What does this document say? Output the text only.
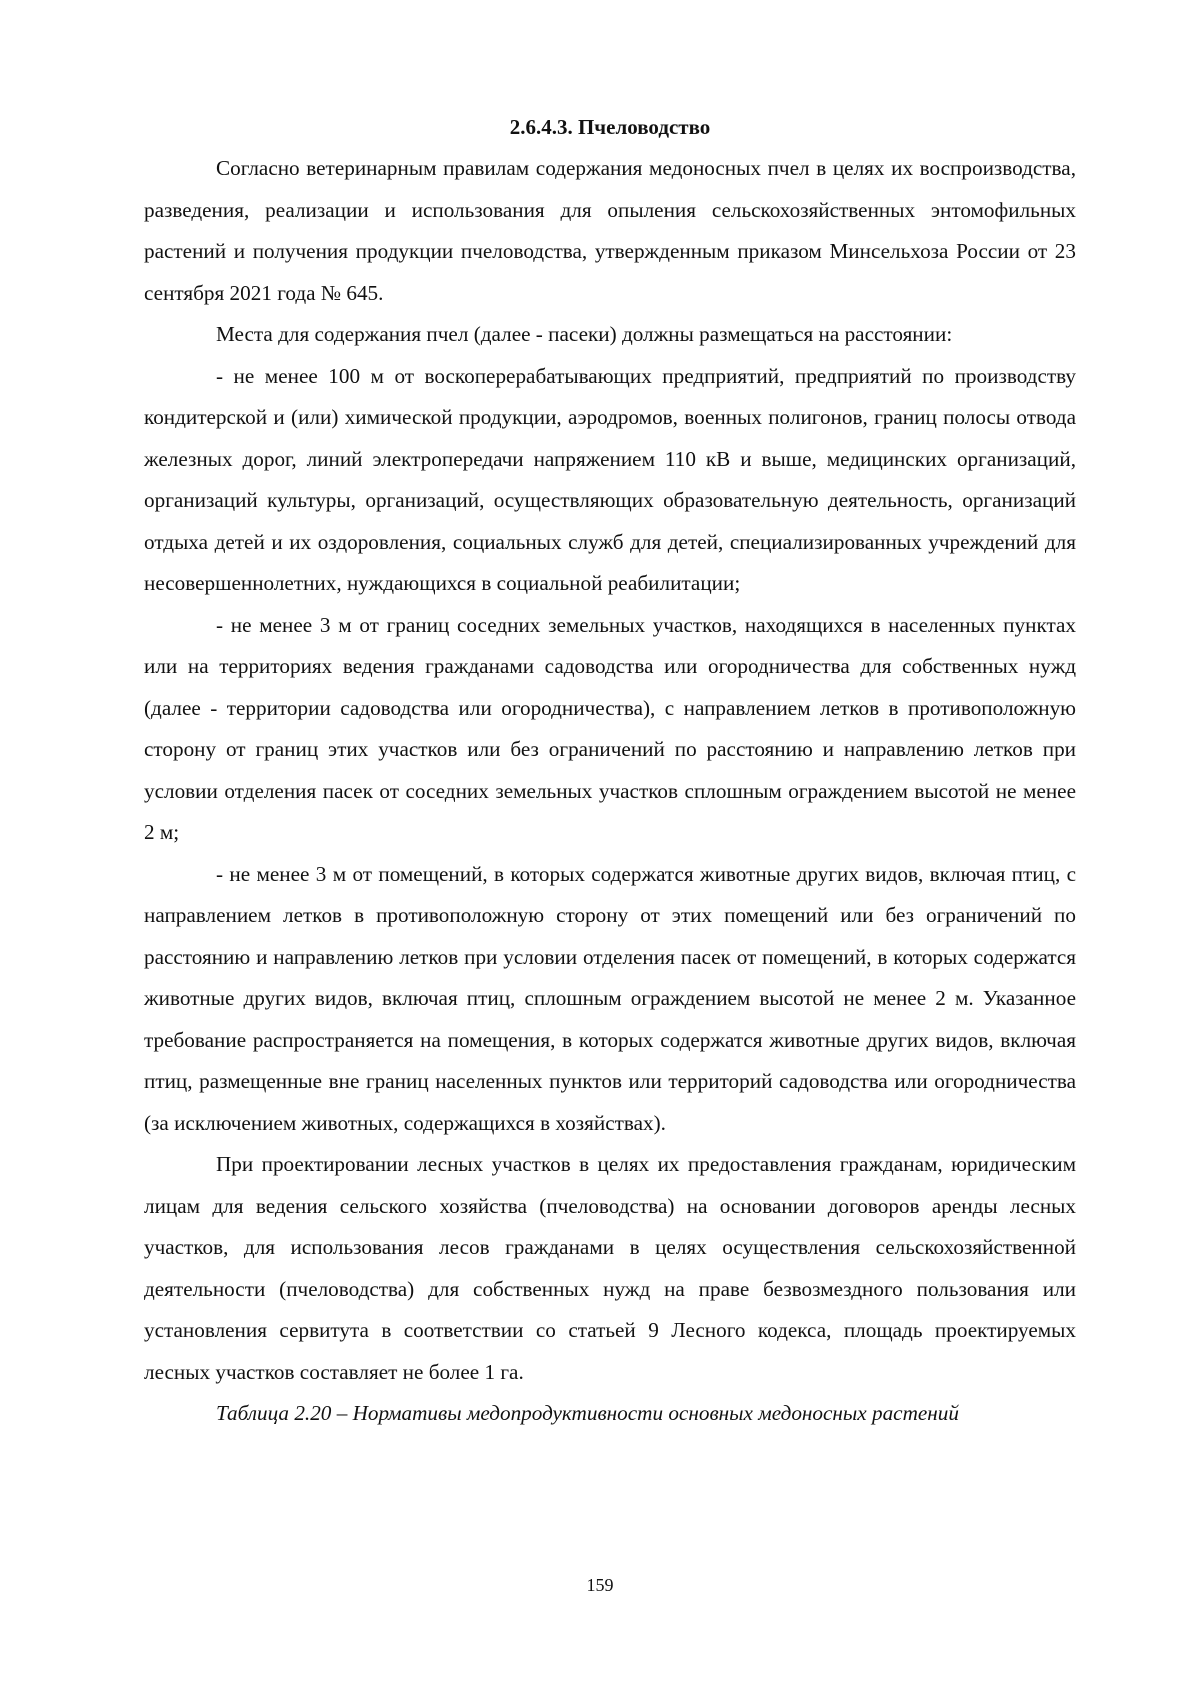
2.6.4.3. Пчеловодство

Согласно ветеринарным правилам содержания медоносных пчел в целях их воспроизводства, разведения, реализации и использования для опыления сельскохозяйственных энтомофильных растений и получения продукции пчеловодства, утвержденным приказом Минсельхоза России от 23 сентября 2021 года № 645.

Места для содержания пчел (далее - пасеки) должны размещаться на расстоянии:

- не менее 100 м от воскоперерабатывающих предприятий, предприятий по производству кондитерской и (или) химической продукции, аэродромов, военных полигонов, границ полосы отвода железных дорог, линий электропередачи напряжением 110 кВ и выше, медицинских организаций, организаций культуры, организаций, осуществляющих образовательную деятельность, организаций отдыха детей и их оздоровления, социальных служб для детей, специализированных учреждений для несовершеннолетних, нуждающихся в социальной реабилитации;

- не менее 3 м от границ соседних земельных участков, находящихся в населенных пунктах или на территориях ведения гражданами садоводства или огородничества для собственных нужд (далее - территории садоводства или огородничества), с направлением летков в противоположную сторону от границ этих участков или без ограничений по расстоянию и направлению летков при условии отделения пасек от соседних земельных участков сплошным ограждением высотой не менее 2 м;

- не менее 3 м от помещений, в которых содержатся животные других видов, включая птиц, с направлением летков в противоположную сторону от этих помещений или без ограничений по расстоянию и направлению летков при условии отделения пасек от помещений, в которых содержатся животные других видов, включая птиц, сплошным ограждением высотой не менее 2 м. Указанное требование распространяется на помещения, в которых содержатся животные других видов, включая птиц, размещенные вне границ населенных пунктов или территорий садоводства или огородничества (за исключением животных, содержащихся в хозяйствах).

При проектировании лесных участков в целях их предоставления гражданам, юридическим лицам для ведения сельского хозяйства (пчеловодства) на основании договоров аренды лесных участков, для использования лесов гражданами в целях осуществления сельскохозяйственной деятельности (пчеловодства) для собственных нужд на праве безвозмездного пользования или установления сервитута в соответствии со статьей 9 Лесного кодекса, площадь проектируемых лесных участков составляет не более 1 га.

Таблица 2.20 – Нормативы медопродуктивности основных медоносных растений

159
